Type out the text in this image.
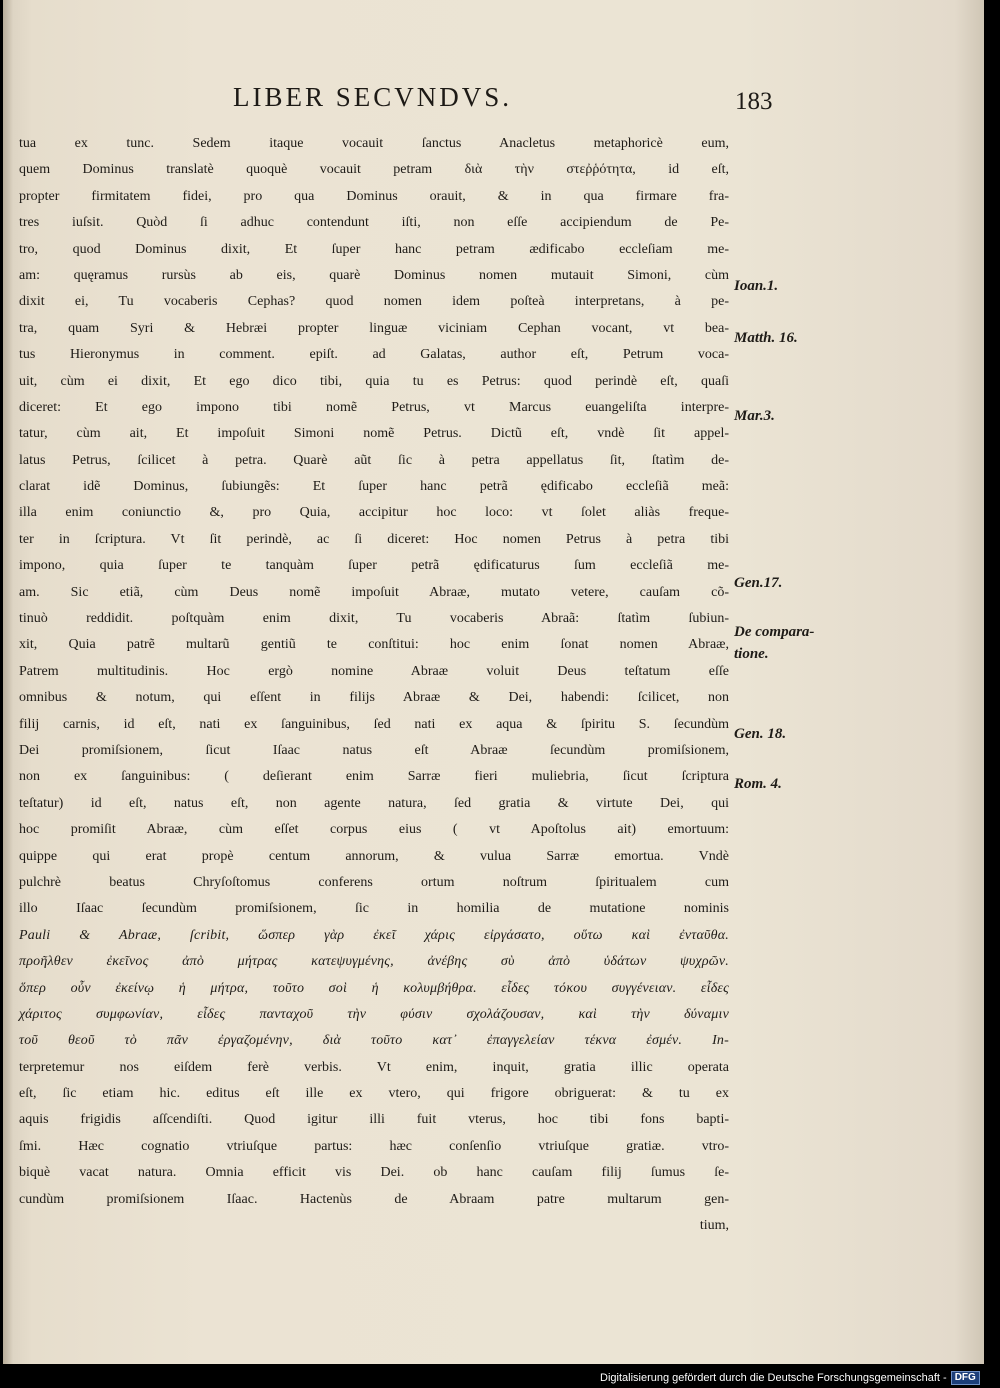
LIBER SECVNDVS.	183
tua ex tunc. Sedem itaque vocauit ſanctus Anacletus metaphoricè eum,
quem Dominus translatè quoquè vocauit petram διὰ τὴν στεῤῥότητα, id eſt,
propter firmitatem fidei, pro qua Dominus orauit, & in qua firmare fra-
tres iuſsit. Quòd ſi adhuc contendunt iſti, non eſſe accipiendum de Pe-
tro, quod Dominus dixit, Et ſuper hanc petram ædificabo eccleſiam me-
am: quęramus rursùs ab eis, quarè Dominus nomen mutauit Simoni, cùm
dixit ei, Tu vocaberis Cephas? quod nomen idem poſteà interpretans, à pe-
tra, quam Syri & Hebræi propter linguæ viciniam Cephan vocant, vt bea-
tus Hieronymus in comment. epiſt. ad Galatas, author eſt, Petrum voca-
uit, cùm ei dixit, Et ego dico tibi, quia tu es Petrus: quod perindè eſt, quaſi
diceret: Et ego impono tibi nomẽ Petrus, vt Marcus euangeliſta interpre-
tatur, cùm ait, Et impoſuit Simoni nomẽ Petrus. Dictũ eſt, vndè ſit appel-
latus Petrus, ſcilicet à petra. Quarè aũt ſic à petra appellatus ſit, ſtatìm de-
clarat idẽ Dominus, ſubiungẽs: Et ſuper hanc petrã ędificabo eccleſiã meã:
illa enim coniunctio &, pro Quia, accipitur hoc loco: vt ſolet aliàs freque-
ter in ſcriptura. Vt ſit perindè, ac ſi diceret: Hoc nomen Petrus à petra tibi
impono, quia ſuper te tanquàm ſuper petrã ędificaturus ſum eccleſiã me-
am. Sic etiã, cùm Deus nomẽ impoſuit Abraæ, mutato vetere, cauſam cõ-
tinuò reddidit. poſtquàm enim dixit, Tu vocaberis Abraã: ſtatìm ſubiun-
xit, Quia patrẽ multarũ gentiũ te conſtitui: hoc enim ſonat nomen Abraæ,
Patrem multitudinis. Hoc ergò nomine Abraæ voluit Deus teſtatum eſſe
omnibus & notum, qui eſſent in filijs Abraæ & Dei, habendi: ſcilicet, non
filij carnis, id eſt, nati ex ſanguinibus, ſed nati ex aqua & ſpiritu S. ſecundùm
Dei promiſsionem, ſicut Iſaac natus eſt Abraæ ſecundùm promiſsionem,
non ex ſanguinibus: ( deſierant enim Sarræ fieri muliebria, ſicut ſcriptura
teſtatur) id eſt, natus eſt, non agente natura, ſed gratia & virtute Dei, qui
hoc promiſit Abraæ, cùm eſſet corpus eius ( vt Apoſtolus ait) emortuum:
quippe qui erat propè centum annorum, & vulua Sarræ emortua. Vndè
pulchrè beatus Chryſoſtomus conferens ortum noſtrum ſpiritualem cum
illo Iſaac ſecundùm promiſsionem, ſic in homilia de mutatione nominis
Pauli & Abraæ, ſcribit, ὥσπερ γὰρ ἐκεῖ χάρις εἰργάσατο, οὕτω καὶ ἐνταῦθα.
προῆλθεν ἐκεῖνος ἀπὸ μήτρας κατεψυγμένης, ἀνέβης σὺ ἀπὸ ὑδάτων ψυχρῶν.
ὅπερ οὖν ἐκείνῳ ἡ μήτρα, τοῦτο σοὶ ἡ κολυμβήθρα. εἶδες τόκου συγγένειαν. εἶδες
χάριτος συμφωνίαν, εἶδες πανταχοῦ τὴν φύσιν σχολάζουσαν, καὶ τὴν δύναμιν
τοῦ θεοῦ τὸ πᾶν ἐργαζομένην, διὰ τοῦτο κατ᾽ ἐπαγγελείαν τέκνα ἐσμέν. In-
terpretemur nos eiſdem ferè verbis. Vt enim, inquit, gratia illic operata
eſt, ſic etiam hic. editus eſt ille ex vtero, qui frigore obriguerat: & tu ex
aquis frigidis aſſcendiſti. Quod igitur illi fuit vterus, hoc tibi fons bapti-
ſmi. Hæc cognatio vtriuſque partus: hæc conſenſio vtriuſque gratiæ. vtro-
biquè vacat natura. Omnia efficit vis Dei. ob hanc cauſam filij ſumus ſe-
cundùm promiſsionem Iſaac. Hactenùs de Abraam patre multarum gen-
tium,
Ioan.1.
Matth. 16.
Mar.3.
Gen.17.
De compara-
tione.
Gen. 18.
Rom. 4.
Digitalisierung gefördert durch die Deutsche Forschungsgemeinschaft - DFG
